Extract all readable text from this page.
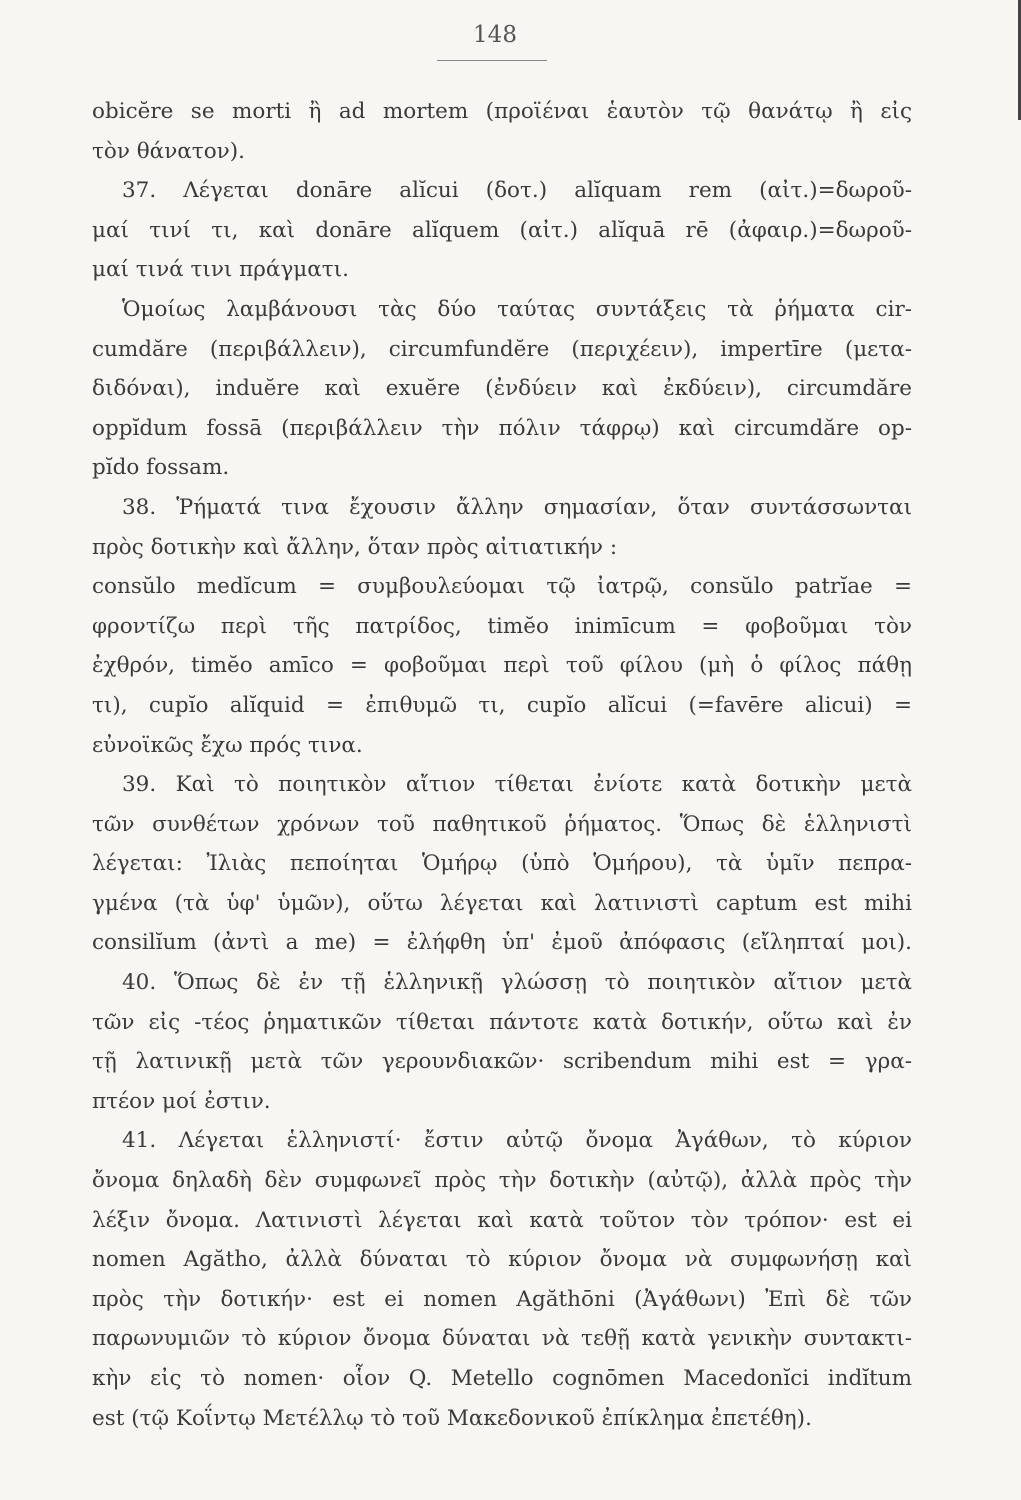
148
obicĕre se morti ἢ ad mortem (προϊέναι ἑαυτὸν τῷ θανάτῳ ἢ εἰς
τὸν θάνατον).
37. Λέγεται donāre alĭcui (δοτ.) alĭquam rem (αἰτ.)=δωροῦ-
μαί τινί τι, καὶ donāre alĭquem (αἰτ.) alĭquā rē (ἀφαιρ.)=δωροῦ-
μαί τινά τινι πράγματι.
Ὁμοίως λαμβάνουσι τὰς δύο ταύτας συντάξεις τὰ ῥήματα cir-
cumdăre (περιβάλλειν), circumfundĕre (περιχέειν), impertīre (μετα-
διδόναι), induĕre καὶ exuĕre (ἐνδύειν καὶ ἐκδύειν), circumdăre
oppĭdum fossā (περιβάλλειν τὴν πόλιν τάφρῳ) καὶ circumdăre op-
pĭdo fossam.
38. Ῥήματά τινα ἔχουσιν ἄλλην σημασίαν, ὅταν συντάσσωνται
πρὸς δοτικὴν καὶ ἄλλην, ὅταν πρὸς αἰτιατικήν :
consŭlo medĭcum = συμβουλεύομαι τῷ ἰατρῷ, consŭlo patrĭae =
φροντίζω περὶ τῆς πατρίδος, timĕo inimīcum = φοβοῦμαι τὸν
ἐχθρόν, timĕo amīco = φοβοῦμαι περὶ τοῦ φίλου (μὴ ὁ φίλος πάθῃ
τι), cupĭo alĭquid = ἐπιθυμῶ τι, cupĭo alĭcui (=favēre alicui) =
εὐνοϊκῶς ἔχω πρός τινα.
39. Καὶ τὸ ποιητικὸν αἴτιον τίθεται ἐνίοτε κατὰ δοτικὴν μετὰ
τῶν συνθέτων χρόνων τοῦ παθητικοῦ ῥήματος. Ὅπως δὲ ἑλληνιστὶ
λέγεται: Ἰλιὰς πεποίηται Ὁμήρῳ (ὑπὸ Ὁμήρου), τὰ ὑμῖν πεπρα-
γμένα (τὰ ὑφ' ὑμῶν), οὕτω λέγεται καὶ λατινιστὶ captum est mihi
consilĭum (ἀντὶ a me) = ἐλήφθη ὑπ' ἐμοῦ ἀπόφασις (εἴληπταί μοι).
40. Ὅπως δὲ ἐν τῇ ἑλληνικῇ γλώσσῃ τὸ ποιητικὸν αἴτιον μετὰ
τῶν εἰς -τέος ῥηματικῶν τίθεται πάντοτε κατὰ δοτικήν, οὕτω καὶ ἐν
τῇ λατινικῇ μετὰ τῶν γερουνδιακῶν· scribendum mihi est = γρα-
πτέον μοί ἐστιν.
41. Λέγεται ἑλληνιστί· ἔστιν αὐτῷ ὄνομα Ἀγάθων, τὸ κύριον
ὄνομα δηλαδὴ δὲν συμφωνεῖ πρὸς τὴν δοτικὴν (αὐτῷ), ἀλλὰ πρὸς τὴν
λέξιν ὄνομα. Λατινιστὶ λέγεται καὶ κατὰ τοῦτον τὸν τρόπον· est ei
nomen Agătho, ἀλλὰ δύναται τὸ κύριον ὄνομα νὰ συμφωνήσῃ καὶ
πρὸς τὴν δοτικήν· est ei nomen Agăthōni (Ἀγάθωνι) Ἐπὶ δὲ τῶν
παρωνυμιῶν τὸ κύριον ὄνομα δύναται νὰ τεθῇ κατὰ γενικὴν συντακτι-
κὴν εἰς τὸ nomen· οἷον Q. Metello cognōmen Macedonĭci indĭtum
est (τῷ Κοΐντῳ Μετέλλῳ τὸ τοῦ Μακεδονικοῦ ἐπίκλημα ἐπετέθη).
